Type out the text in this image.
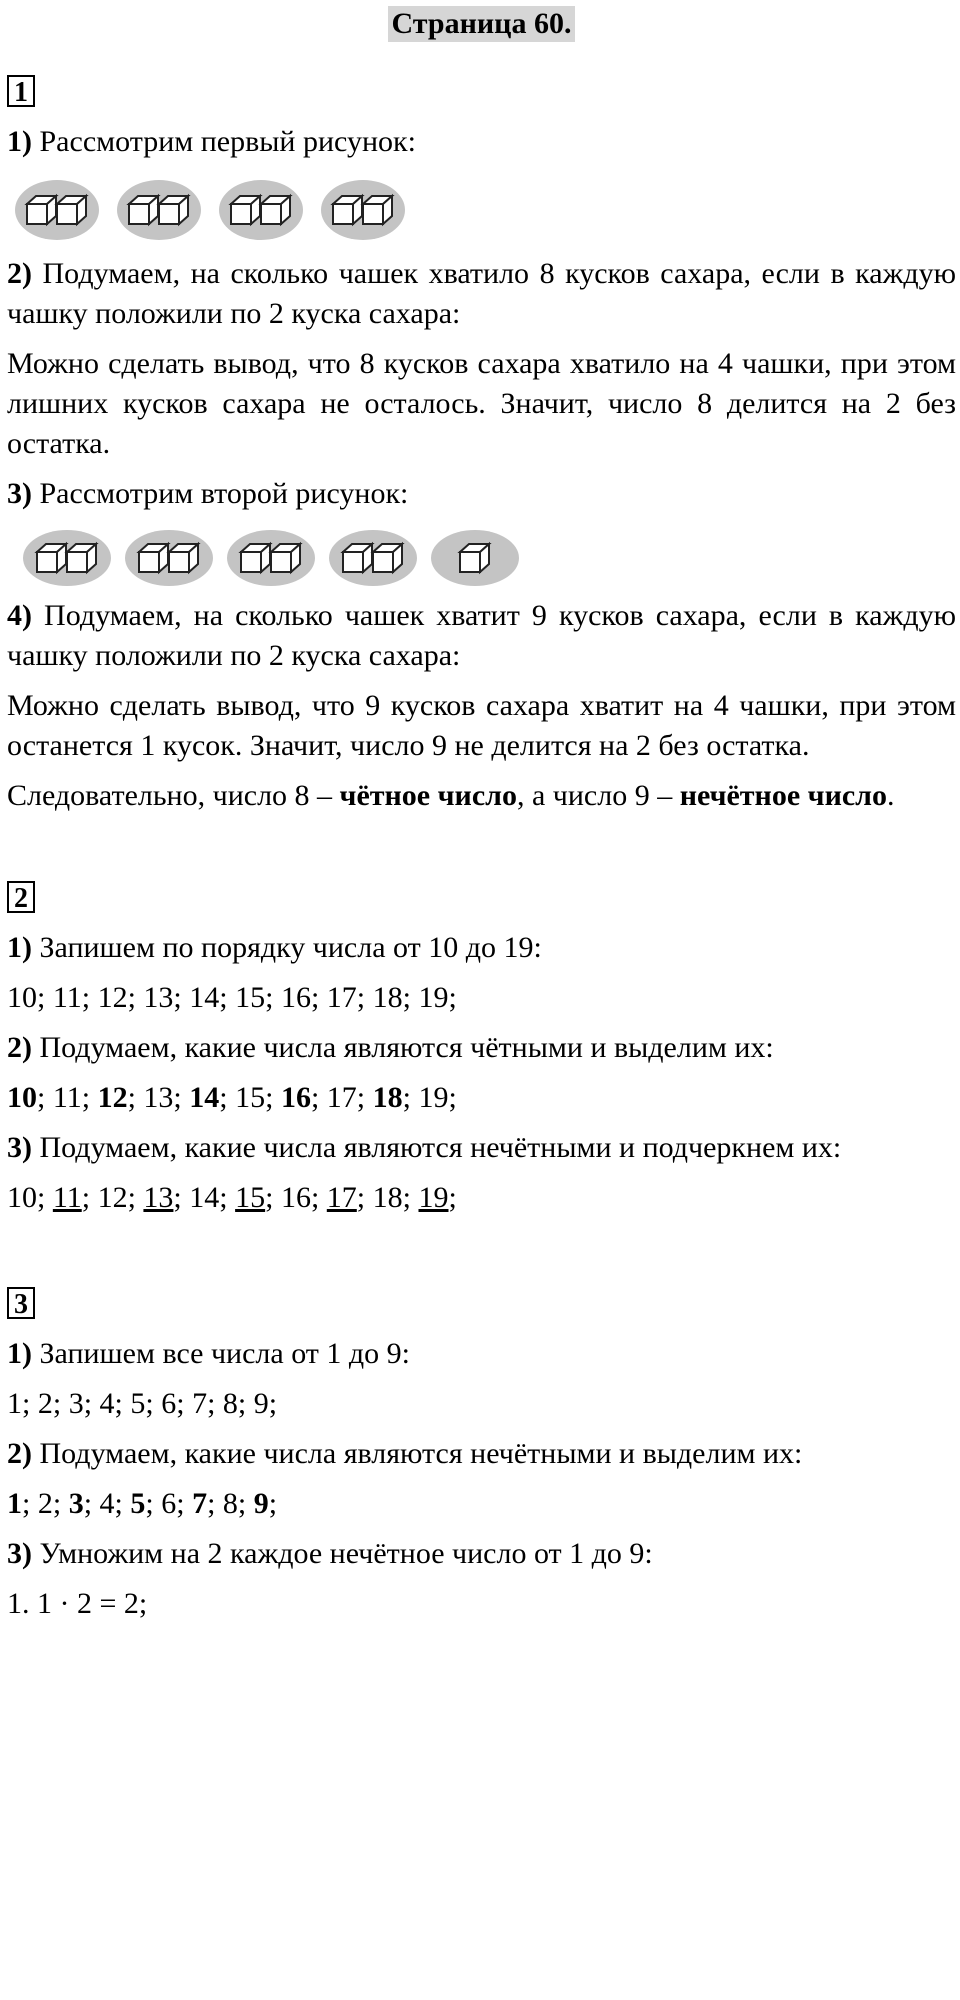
Страница 60.
1

1) Рассмотрим первый рисунок:

2) Подумаем, на сколько чашек хватило 8 кусков сахара, если в каждую чашку положили по 2 куска сахара:

Можно сделать вывод, что 8 кусков сахара хватило на 4 чашки, при этом лишних кусков сахара не осталось. Значит, число 8 делится на 2 без остатка.

3) Рассмотрим второй рисунок:

4) Подумаем, на сколько чашек хватит 9 кусков сахара, если в каждую чашку положили по 2 куска сахара:

Можно сделать вывод, что 9 кусков сахара хватит на 4 чашки, при этом останется 1 кусок. Значит, число 9 не делится на 2 без остатка.

Следовательно, число 8 – чётное число, а число 9 – нечётное число.

2

1) Запишем по порядку числа от 10 до 19:

10; 11; 12; 13; 14; 15; 16; 17; 18; 19;

2) Подумаем, какие числа являются чётными и выделим их:

10; 11; 12; 13; 14; 15; 16; 17; 18; 19;

3) Подумаем, какие числа являются нечётными и подчеркнем их:

10; 11; 12; 13; 14; 15; 16; 17; 18; 19;

3

1) Запишем все числа от 1 до 9:

1; 2; 3; 4; 5; 6; 7; 8; 9;

2) Подумаем, какие числа являются нечётными и выделим их:

1; 2; 3; 4; 5; 6; 7; 8; 9;

3) Умножим на 2 каждое нечётное число от 1 до 9:

1. 1 · 2 = 2;
